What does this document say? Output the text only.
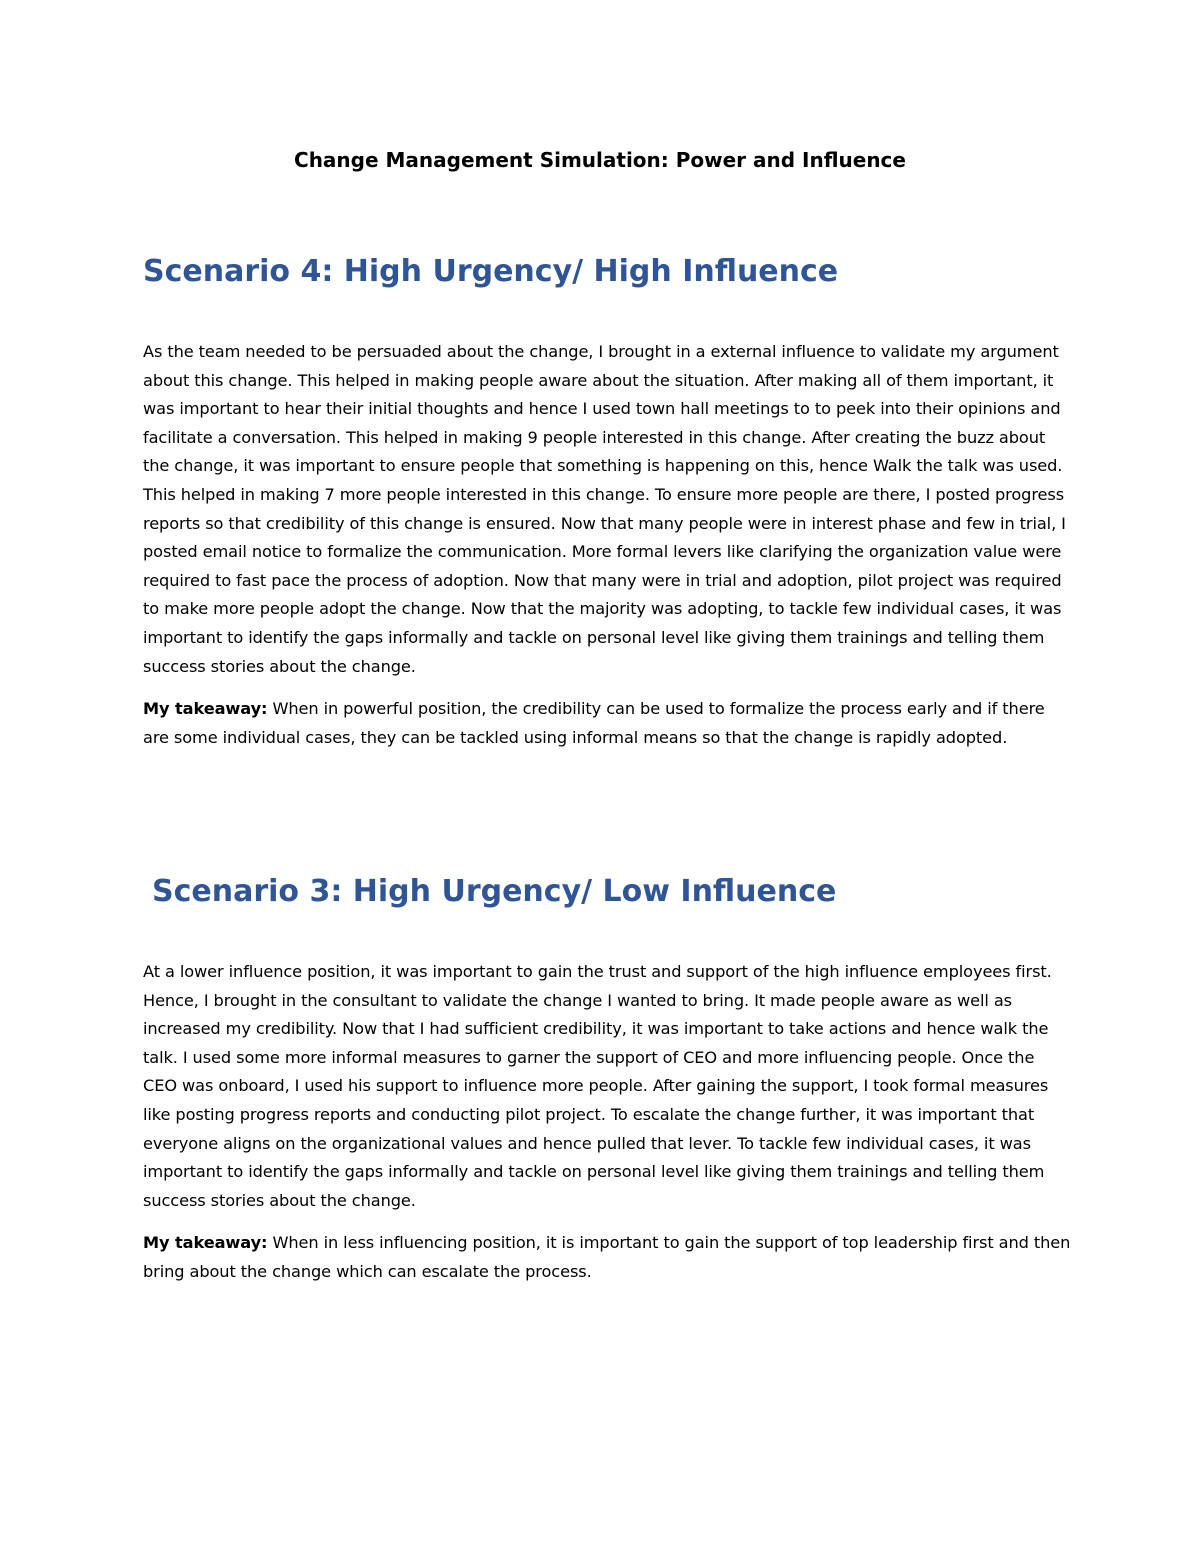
Change Management Simulation: Power and Influence
Scenario 4: High Urgency/ High Influence

As the team needed to be persuaded about the change, I brought in a external influence to validate my argument about this change. This helped in making people aware about the situation. After making all of them important, it was important to hear their initial thoughts and hence I used town hall meetings to to peek into their opinions and facilitate a conversation. This helped in making 9 people interested in this change. After creating the buzz about the change, it was important to ensure people that something is happening on this, hence Walk the talk was used. This helped in making 7 more people interested in this change. To ensure more people are there, I posted progress reports so that credibility of this change is ensured. Now that many people were in interest phase and few in trial, I posted email notice to formalize the communication. More formal levers like clarifying the organization value were required to fast pace the process of adoption. Now that many were in trial and adoption, pilot project was required to make more people adopt the change. Now that the majority was adopting, to tackle few individual cases, it was important to identify the gaps informally and tackle on personal level like giving them trainings and telling them success stories about the change.

My takeaway: When in powerful position, the credibility can be used to formalize the process early and if there are some individual cases, they can be tackled using informal means so that the change is rapidly adopted.

Scenario 3: High Urgency/ Low Influence

At a lower influence position, it was important to gain the trust and support of the high influence employees first. Hence, I brought in the consultant to validate the change I wanted to bring. It made people aware as well as increased my credibility. Now that I had sufficient credibility, it was important to take actions and hence walk the talk. I used some more informal measures to garner the support of CEO and more influencing people. Once the CEO was onboard, I used his support to influence more people. After gaining the support, I took formal measures like posting progress reports and conducting pilot project. To escalate the change further, it was important that everyone aligns on the organizational values and hence pulled that lever. To tackle few individual cases, it was important to identify the gaps informally and tackle on personal level like giving them trainings and telling them success stories about the change.

My takeaway: When in less influencing position, it is important to gain the support of top leadership first and then bring about the change which can escalate the process.
